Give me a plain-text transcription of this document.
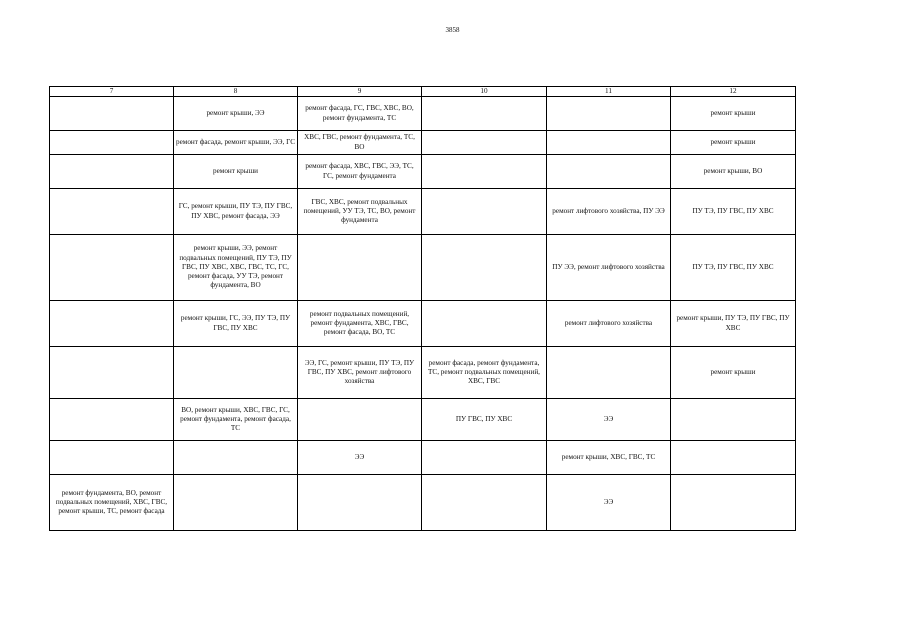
3858
7	8	9	10	11	12
	ремонт крыши, ЭЭ	ремонт фасада, ГС, ГВС, ХВС, ВО, ремонт фундамента, ТС			ремонт крыши
	ремонт фасада, ремонт крыши, ЭЭ, ГС	ХВС, ГВС, ремонт фундамента, ТС, ВО			ремонт крыши
	ремонт крыши	ремонт фасада, ХВС, ГВС, ЭЭ, ТС, ГС, ремонт фундамента			ремонт крыши, ВО
	ГС, ремонт крыши, ПУ ТЭ, ПУ ГВС, ПУ ХВС, ремонт фасада, ЭЭ	ГВС, ХВС, ремонт подвальных помещений, УУ ТЭ, ТС, ВО, ремонт фундамента		ремонт лифтового хозяйства, ПУ ЭЭ	ПУ ТЭ, ПУ ГВС, ПУ ХВС
	ремонт крыши, ЭЭ, ремонт подвальных помещений, ПУ ТЭ, ПУ ГВС, ПУ ХВС, ХВС, ГВС, ТС, ГС, ремонт фасада, УУ ТЭ, ремонт фундамента, ВО			ПУ ЭЭ, ремонт лифтового хозяйства	ПУ ТЭ, ПУ ГВС, ПУ ХВС
	ремонт крыши, ГС, ЭЭ, ПУ ТЭ, ПУ ГВС, ПУ ХВС	ремонт подвальных помещений, ремонт фундамента, ХВС, ГВС, ремонт фасада, ВО, ТС		ремонт лифтового хозяйства	ремонт крыши, ПУ ТЭ, ПУ ГВС, ПУ ХВС
		ЭЭ, ГС, ремонт крыши, ПУ ТЭ, ПУ ГВС, ПУ ХВС, ремонт лифтового хозяйства	ремонт фасада, ремонт фундамента, ТС, ремонт подвальных помещений, ХВС, ГВС		ремонт крыши
	ВО, ремонт крыши, ХВС, ГВС, ГС, ремонт фундамента, ремонт фасада, ТС		ПУ ГВС, ПУ ХВС	ЭЭ	
		ЭЭ		ремонт крыши, ХВС, ГВС, ТС	
ремонт фундамента, ВО, ремонт подвальных помещений, ХВС, ГВС, ремонт крыши, ТС, ремонт фасада				ЭЭ	
